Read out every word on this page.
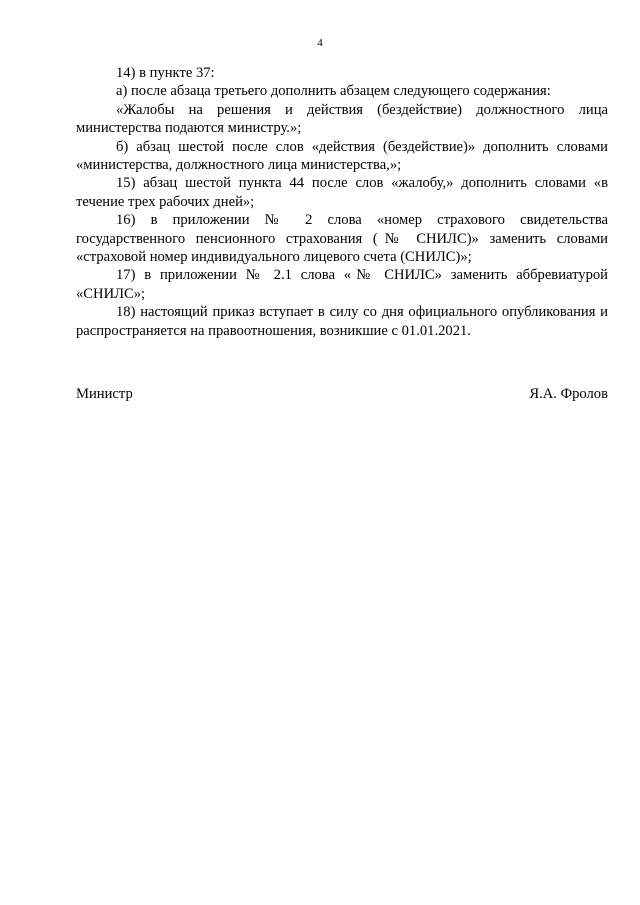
4

14) в пункте 37:

а) после абзаца третьего дополнить абзацем следующего содержания:

«Жалобы на решения и действия (бездействие) должностного лица министерства подаются министру.»;

б) абзац шестой после слов «действия (бездействие)» дополнить словами «министерства, должностного лица министерства,»;

15) абзац шестой пункта 44 после слов «жалобу,» дополнить словами «в течение трех рабочих дней»;

16) в приложении № 2 слова «номер страхового свидетельства государственного пенсионного страхования (№ СНИЛС)» заменить словами «страховой номер индивидуального лицевого счета (СНИЛС)»;

17) в приложении № 2.1 слова «№ СНИЛС» заменить аббревиатурой «СНИЛС»;

18) настоящий приказ вступает в силу со дня официального опубликования и распространяется на правоотношения, возникшие с 01.01.2021.

Министр	Я.А. Фролов
